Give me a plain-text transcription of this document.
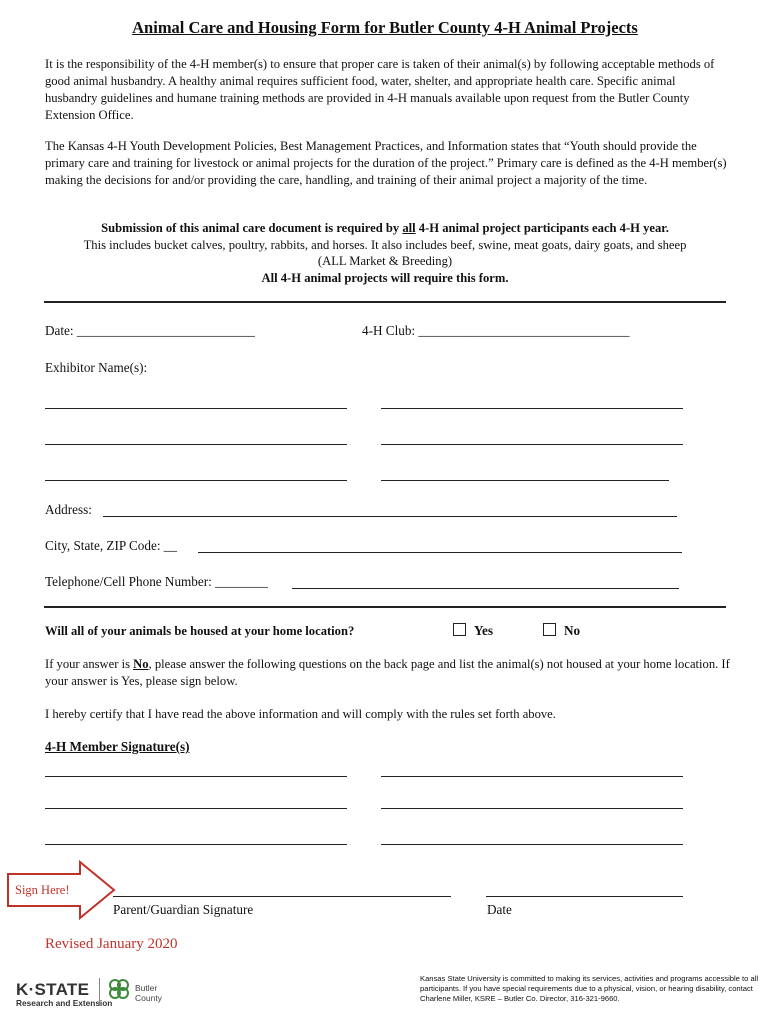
Animal Care and Housing Form for Butler County 4-H Animal Projects
It is the responsibility of the 4-H member(s) to ensure that proper care is taken of their animal(s) by following acceptable methods of good animal husbandry. A healthy animal requires sufficient food, water, shelter, and appropriate health care. Specific animal husbandry guidelines and humane training methods are provided in 4-H manuals available upon request from the Butler County Extension Office.
The Kansas 4-H Youth Development Policies, Best Management Practices, and Information states that “Youth should provide the primary care and training for livestock or animal projects for the duration of the project.” Primary care is defined as the 4-H member(s) making the decisions for and/or providing the care, handling, and training of their animal project a majority of the time.
Submission of this animal care document is required by all 4-H animal project participants each 4-H year.
This includes bucket calves, poultry, rabbits, and horses. It also includes beef, swine, meat goats, dairy goats, and sheep
(ALL Market & Breeding)
All 4-H animal projects will require this form.
Date: ___________________________	4-H Club: ________________________________
Exhibitor Name(s):
Address:
City, State, ZIP Code: __
Telephone/Cell Phone Number: ________
Will all of your animals be housed at your home location?	Yes	No
If your answer is No, please answer the following questions on the back page and list the animal(s) not housed at your home location. If your answer is Yes, please sign below.
I hereby certify that I have read the above information and will comply with the rules set forth above.
4-H Member Signature(s)
Sign Here!
Parent/Guardian Signature	Date
Revised January 2020
K·STATE
Research and Extension
Butler
County
Kansas State University is committed to making its services, activities and programs accessible to all participants. If you have special requirements due to a physical, vision, or hearing disability, contact Charlene Miller, KSRE – Butler Co. Director, 316-321-9660.
